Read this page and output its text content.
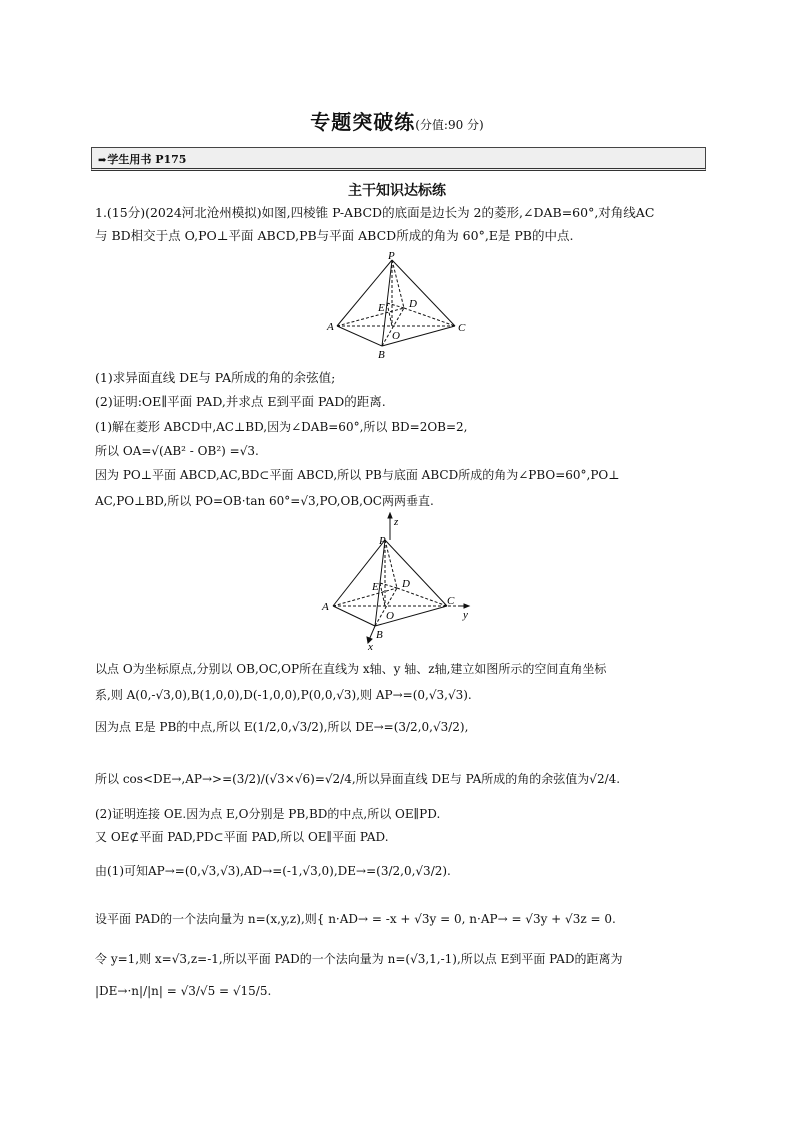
专题突破练(分值:90 分)
➡学生用书 P175
主干知识达标练
1.(15分)(2024河北沧州模拟)如图,四棱锥 P-ABCD的底面是边长为 2的菱形,∠DAB=60°,对角线AC
与 BD相交于点 O,PO⊥平面 ABCD,PB与平面 ABCD所成的角为 60°,E是 PB的中点.
P
A
B
C
D
E
O
(1)求异面直线 DE与 PA所成的角的余弦值;
(2)证明:OE∥平面 PAD,并求点 E到平面 PAD的距离.
(1)解在菱形 ABCD中,AC⊥BD,因为∠DAB=60°,所以 BD=2OB=2,
所以 OA=√(AB² - OB²) =√3.
因为 PO⊥平面 ABCD,AC,BD⊂平面 ABCD,所以 PB与底面 ABCD所成的角为∠PBO=60°,PO⊥
AC,PO⊥BD,所以 PO=OB·tan 60°=√3,PO,OB,OC两两垂直.
z
P
A
B
C
D
E
O	y
x
以点 O为坐标原点,分别以 OB,OC,OP所在直线为 x轴、y 轴、z轴,建立如图所示的空间直角坐标
系,则 A(0,-√3,0),B(1,0,0),D(-1,0,0),P(0,0,√3),则 AP→=(0,√3,√3).
因为点 E是 PB的中点,所以 E(1/2,0,√3/2),所以 DE→=(3/2,0,√3/2),
所以 cos<DE→,AP→>=(3/2)/(√3×√6)=√2/4,所以异面直线 DE与 PA所成的角的余弦值为√2/4.
(2)证明连接 OE.因为点 E,O分别是 PB,BD的中点,所以 OE∥PD.
又 OE⊄平面 PAD,PD⊂平面 PAD,所以 OE∥平面 PAD.
由(1)可知AP→=(0,√3,√3),AD→=(-1,√3,0),DE→=(3/2,0,√3/2).
设平面 PAD的一个法向量为 n=(x,y,z),则{ n·AD→ = -x + √3y = 0, n·AP→ = √3y + √3z = 0.
令 y=1,则 x=√3,z=-1,所以平面 PAD的一个法向量为 n=(√3,1,-1),所以点 E到平面 PAD的距离为
|DE→·n|/|n| = √3/√5 = √15/5.
